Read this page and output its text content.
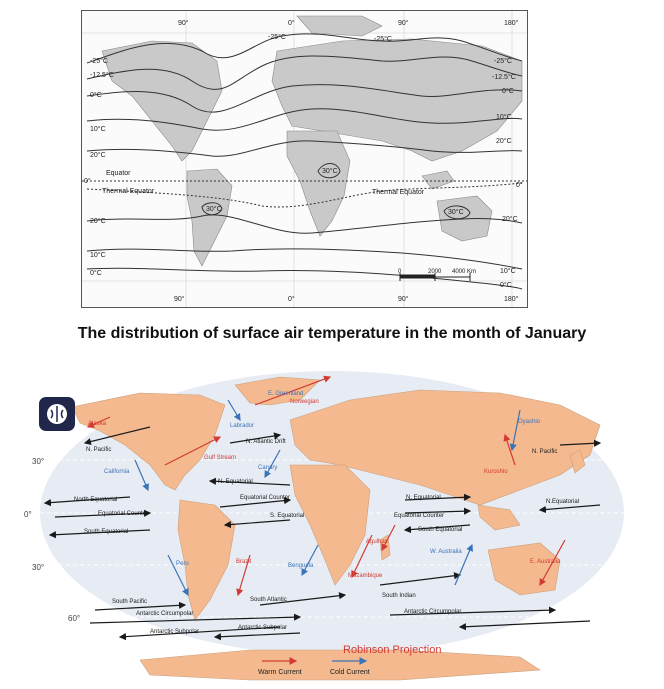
90°	0°	90°	180°
90°	0°	90°	180°
0°
0°
-25°C
-12.5°C
0°C
10°C
20°C
20°C
10°C
0°C
-25°C
-12.5°C
0°C
10°C
20°C
20°C
10°C
0°C
-25°C	-25°C
30°C
30°C	30°C
Equator
Thermal Equator	Thermal Equator
0	2000 4000 Km
The distribution of surface air temperature in the month of January
30°
0°
30°
60°
Alaska
N. Pacific
California
North Equatorial
Equatorial Counter
South Equatorial
Peru
South Pacific
Antarctic Circumpolar
Antarctic Subpolar
E. Greenland
Norwegian
Labrador
N. Atlantic Drift
Gulf Stream
Canary
N. Equatorial
Equatorial Counter
S. Equatorial
Brazil
Benguela
South Atlantic
Antarctic Subpolar
N. Equatorial
Equatorial Counter
South Equatorial
W. Australia
Mozambique
Agulhas
South Indian
Antarctic Circumpolar
Oyashio
Kuroshio
N. Pacific
N.Equatorial
E. Australia
Robinson Projection
Warm Current	Cold Current
